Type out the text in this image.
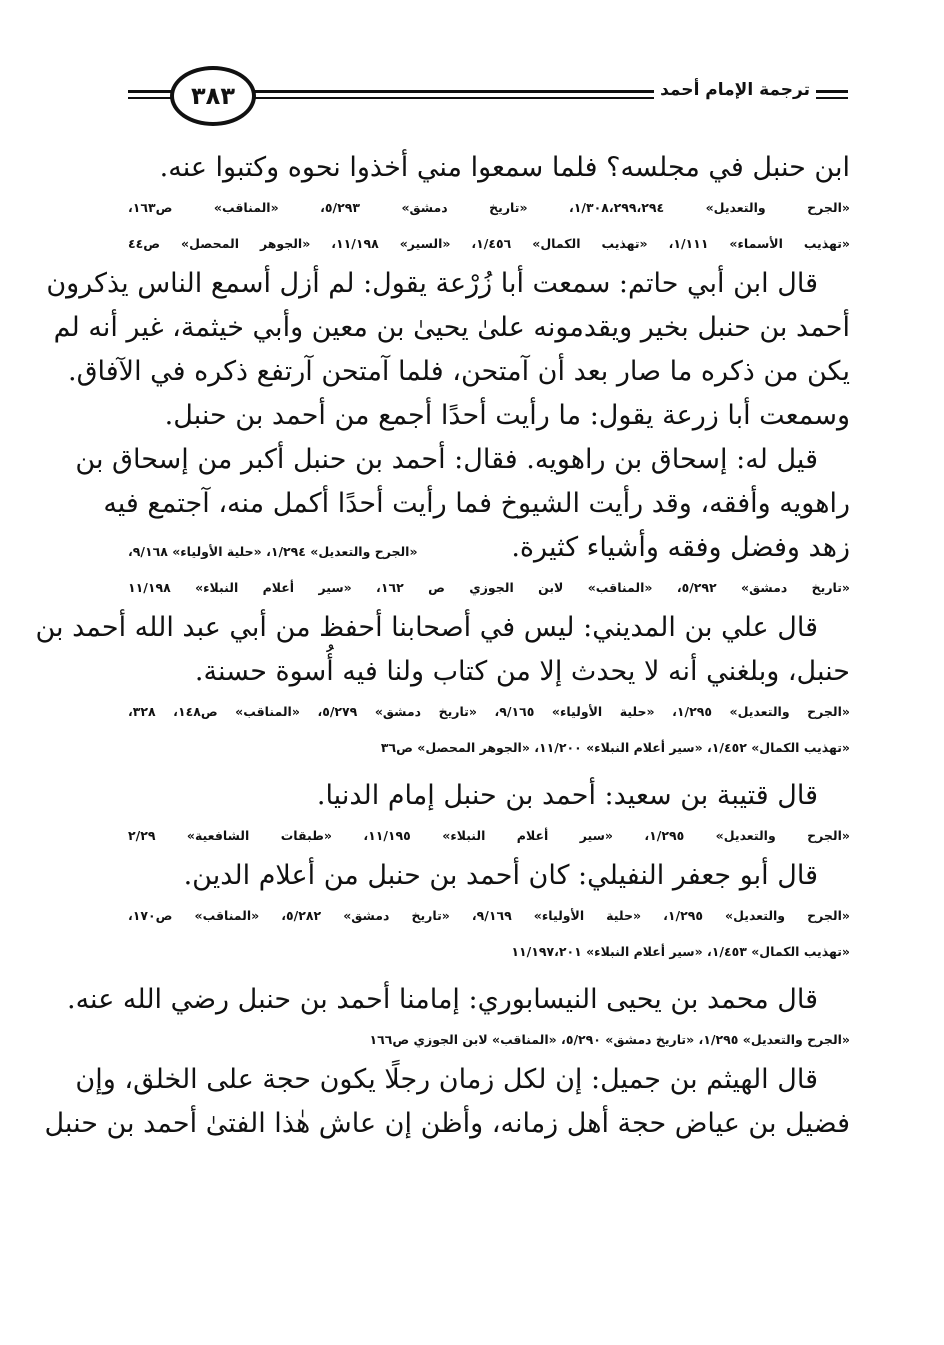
٣٨٣	ترجمة الإمام أحمد
ابن حنبل في مجلسه؟ فلما سمعوا مني أخذوا نحوه وكتبوا عنه.
«الجرح والتعديل» ١/٣٠٨،٢٩٩،٢٩٤، «تاريخ دمشق» ٥/٢٩٣، «المناقب» ص١٦٣،
«تهذيب الأسماء» ١/١١١، «تهذيب الكمال» ١/٤٥٦، «السير» ١١/١٩٨، «الجوهر المحصل» ص٤٤
قال ابن أبي حاتم: سمعت أبا زُرْعة يقول: لم أزل أسمع الناس يذكرون
أحمد بن حنبل بخير ويقدمونه علىٰ يحيىٰ بن معين وأبي خيثمة، غير أنه لم
يكن من ذكره ما صار بعد أن آمتحن، فلما آمتحن آرتفع ذكره في الآفاق.
وسمعت أبا زرعة يقول: ما رأيت أحدًا أجمع من أحمد بن حنبل.
قيل له: إسحاق بن راهويه. فقال: أحمد بن حنبل أكبر من إسحاق بن
راهويه وأفقه، وقد رأيت الشيوخ فما رأيت أحدًا أكمل منه، آجتمع فيه
زهد وفضل وفقه وأشياء كثيرة.
«الجرح والتعديل» ١/٢٩٤، «حلية الأولياء» ٩/١٦٨،
«تاريخ دمشق» ٥/٢٩٢، «المناقب» لابن الجوزي ص ١٦٢، «سير أعلام النبلاء» ١١/١٩٨
قال علي بن المديني: ليس في أصحابنا أحفظ من أبي عبد الله أحمد بن
حنبل، وبلغني أنه لا يحدث إلا من كتاب ولنا فيه أُسوة حسنة.
«الجرح والتعديل» ١/٢٩٥، «حلية الأولياء» ٩/١٦٥، «تاريخ دمشق» ٥/٢٧٩، «المناقب» ص١٤٨، ٣٢٨،
«تهذيب الكمال» ١/٤٥٢، «سير أعلام النبلاء» ١١/٢٠٠، «الجوهر المحصل» ص٣٦
قال قتيبة بن سعيد: أحمد بن حنبل إمام الدنيا.
«الجرح والتعديل» ١/٢٩٥، «سير أعلام النبلاء» ١١/١٩٥، «طبقات الشافعية» ٢/٢٩
قال أبو جعفر النفيلي: كان أحمد بن حنبل من أعلام الدين.
«الجرح والتعديل» ١/٢٩٥، «حلية الأولياء» ٩/١٦٩، «تاريخ دمشق» ٥/٢٨٢، «المناقب» ص١٧٠،
«تهذيب الكمال» ١/٤٥٣، «سير أعلام النبلاء» ١١/١٩٧،٢٠١
قال محمد بن يحيى النيسابوري: إمامنا أحمد بن حنبل رضي الله عنه.
«الجرح والتعديل» ١/٢٩٥، «تاريخ دمشق» ٥/٢٩٠، «المناقب» لابن الجوزي ص١٦٦
قال الهيثم بن جميل: إن لكل زمان رجلًا يكون حجة على الخلق، وإن
فضيل بن عياض حجة أهل زمانه، وأظن إن عاش هٰذا الفتىٰ أحمد بن حنبل
